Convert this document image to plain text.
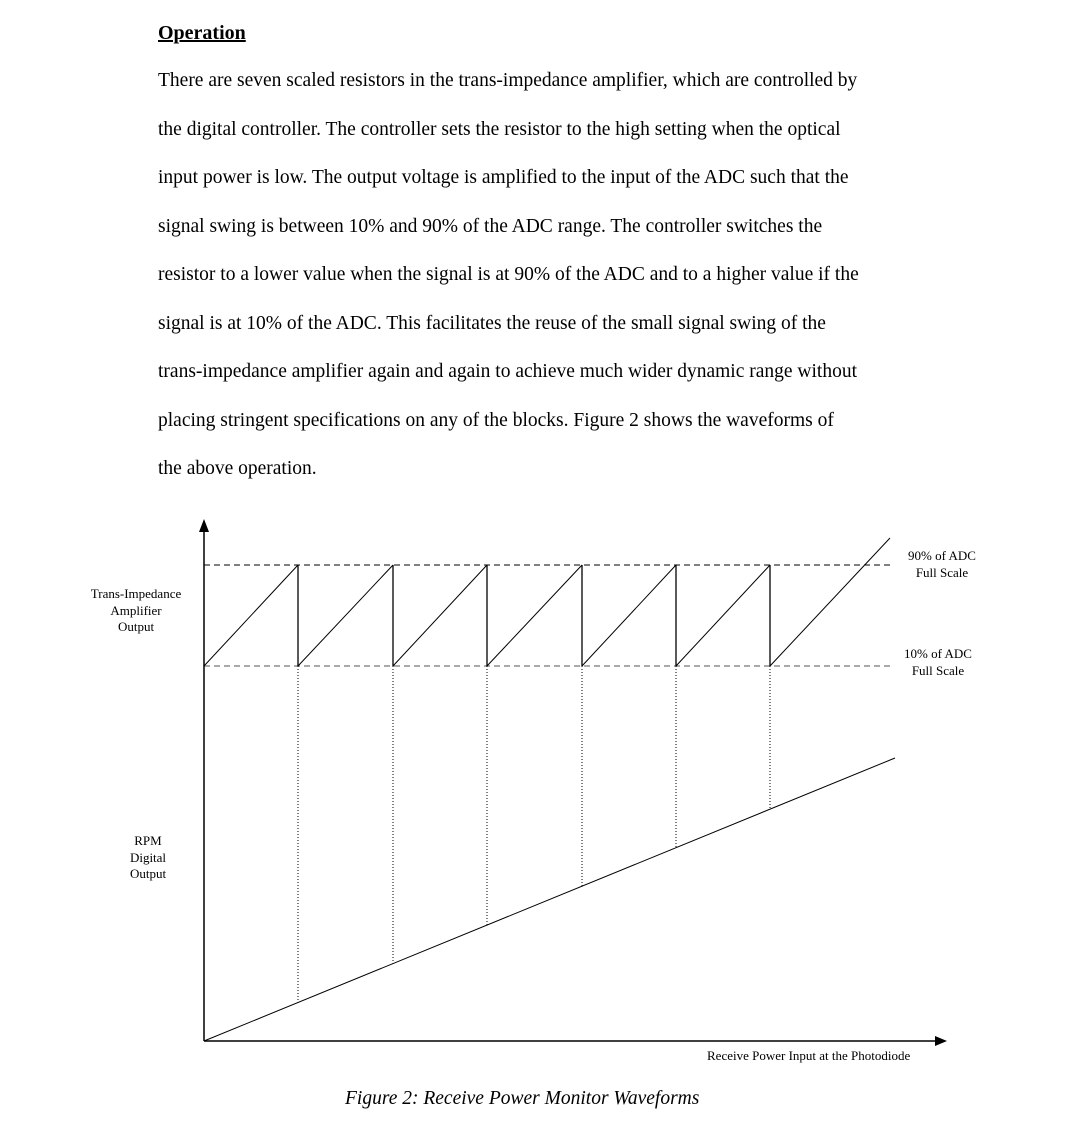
Operation
There are seven scaled resistors in the trans-impedance amplifier, which are controlled by
the digital controller. The controller sets the resistor to the high setting when the optical
input power is low. The output voltage is amplified to the input of the ADC such that the
signal swing is between 10% and 90% of the ADC range. The controller switches the
resistor to a lower value when the signal is at 90% of the ADC and to a higher value if the
signal is at 10% of the ADC. This facilitates the reuse of the small signal swing of the
trans-impedance amplifier again and again to achieve much wider dynamic range without
placing stringent specifications on any of the blocks. Figure 2 shows the waveforms of
the above operation.
Trans-Impedance
Amplifier
Output
RPM
Digital
Output
90% of ADC
Full Scale
10% of ADC
Full Scale
Receive Power Input at the Photodiode
Figure 2: Receive Power Monitor Waveforms
